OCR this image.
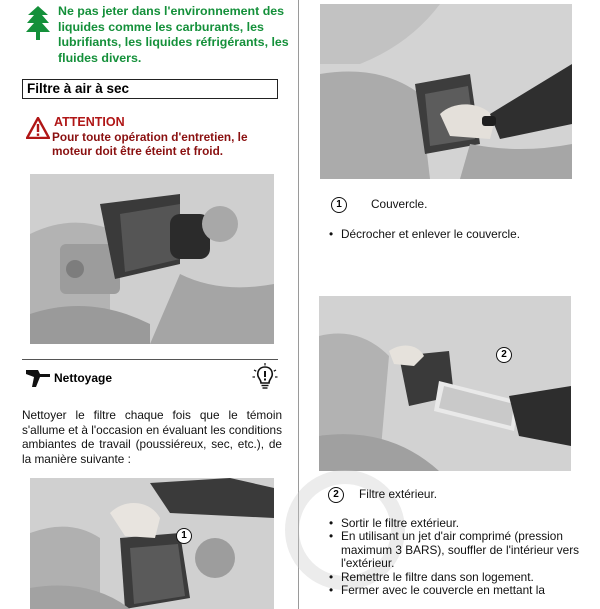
Ne pas jeter dans l'environnement des liquides comme les carburants, les lubrifiants, les liquides réfrigérants, les fluides divers.
Filtre à air à sec
ATTENTION
Pour toute opération d'entretien, le moteur doit être éteint et froid.
Nettoyage
Nettoyer le filtre chaque fois que le témoin s'allume et à l'occasion en évaluant les conditions ambiantes de travail (poussiéreux, sec, etc.), de la manière suivante :
1
1	Couvercle.
• Décrocher et enlever le couvercle.
2
2	Filtre extérieur.
• Sortir le filtre extérieur.
• En utilisant un jet d'air comprimé (pression maximum 3 BARS), souffler de l'intérieur vers l'extérieur.
• Remettre le filtre dans son logement.
• Fermer avec le couvercle en mettant la
